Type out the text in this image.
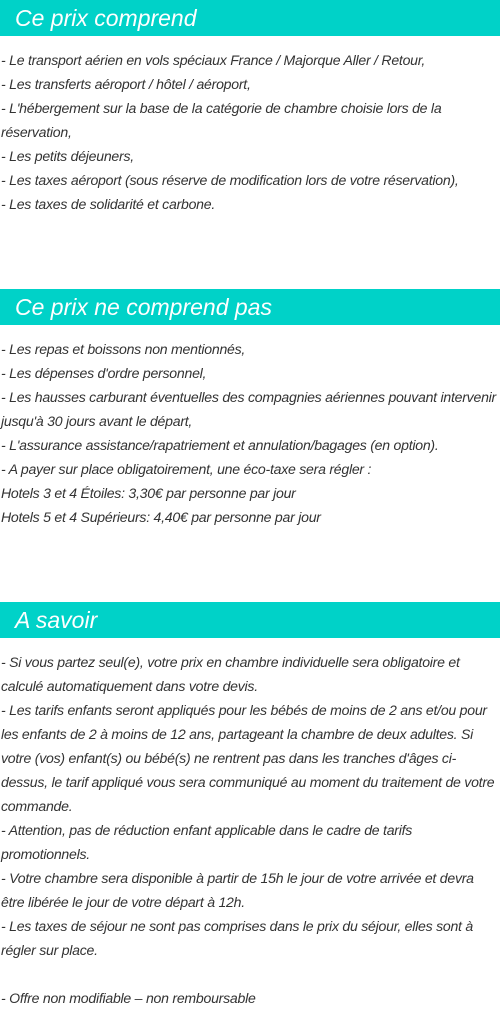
Ce prix comprend
- Le transport aérien en vols spéciaux France / Majorque Aller / Retour,
- Les transferts aéroport / hôtel / aéroport,
- L'hébergement sur la base de la catégorie de chambre choisie lors de la réservation,
- Les petits déjeuners,
- Les taxes aéroport (sous réserve de modification lors de votre réservation),
- Les taxes de solidarité et carbone.
Ce prix ne comprend pas
- Les repas et boissons non mentionnés,
- Les dépenses d'ordre personnel,
- Les hausses carburant éventuelles des compagnies aériennes pouvant intervenir jusqu'à 30 jours avant le départ,
- L'assurance assistance/rapatriement et annulation/bagages (en option).
- A payer sur place obligatoirement, une éco-taxe sera régler :
Hotels 3 et 4 Étoiles: 3,30€ par personne par jour
Hotels 5 et 4 Supérieurs: 4,40€ par personne par jour
A savoir
- Si vous partez seul(e), votre prix en chambre individuelle sera obligatoire et calculé automatiquement dans votre devis.
- Les tarifs enfants seront appliqués pour les bébés de moins de 2 ans et/ou pour les enfants de 2 à moins de 12 ans, partageant la chambre de deux adultes. Si votre (vos) enfant(s) ou bébé(s) ne rentrent pas dans les tranches d'âges ci-dessus, le tarif appliqué vous sera communiqué au moment du traitement de votre commande.
- Attention, pas de réduction enfant applicable dans le cadre de tarifs promotionnels.
- Votre chambre sera disponible à partir de 15h le jour de votre arrivée et devra être libérée le jour de votre départ à 12h.
- Les taxes de séjour ne sont pas comprises dans le prix du séjour, elles sont à régler sur place.
- Offre non modifiable – non remboursable
